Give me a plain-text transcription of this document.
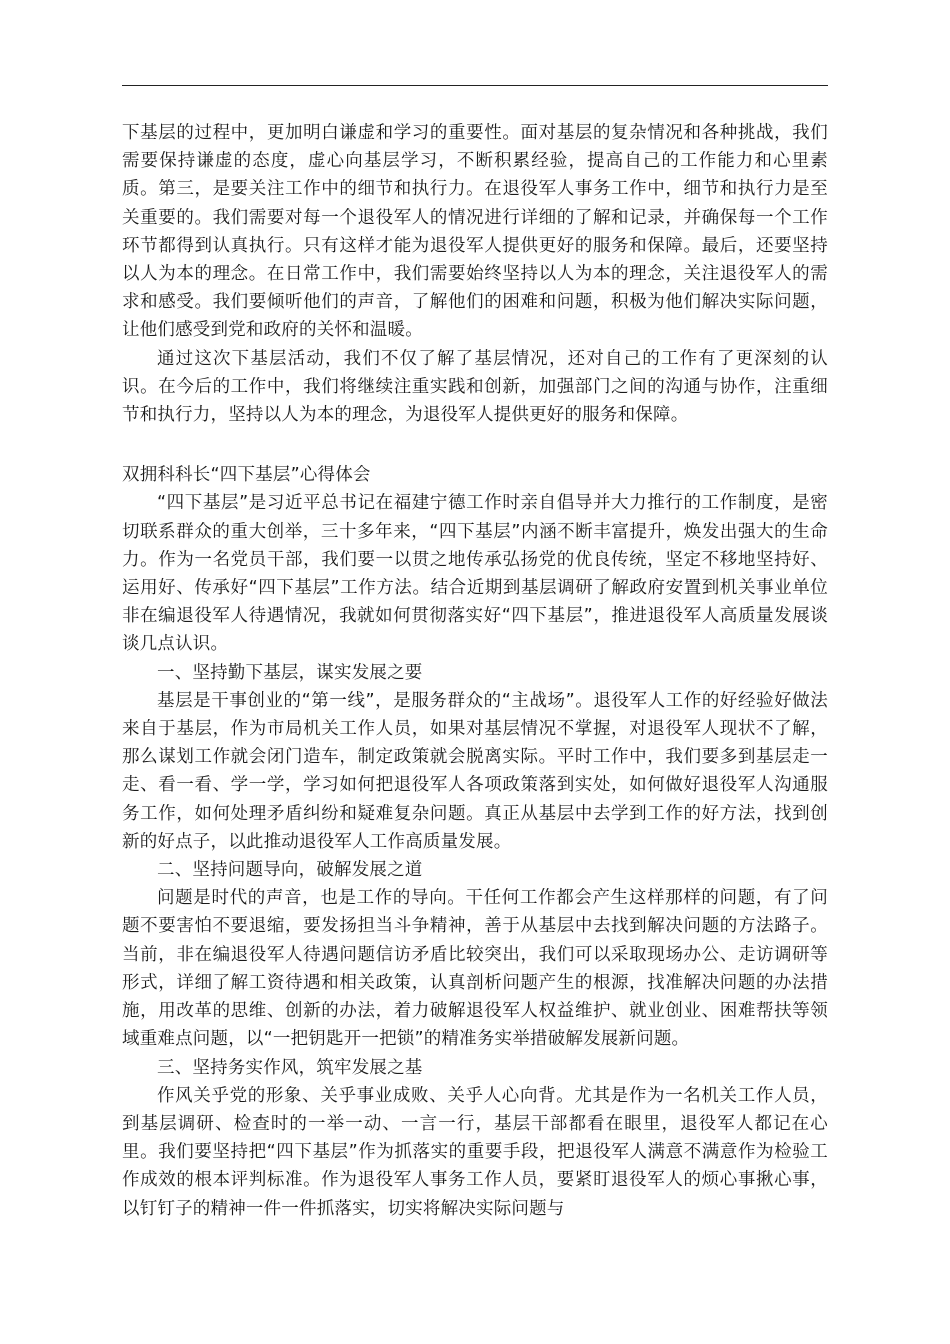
下基层的过程中，更加明白谦虚和学习的重要性。面对基层的复杂情况和各种挑战，我们需要保持谦虚的态度，虚心向基层学习，不断积累经验，提高自己的工作能力和心里素质。第三，是要关注工作中的细节和执行力。在退役军人事务工作中，细节和执行力是至关重要的。我们需要对每一个退役军人的情况进行详细的了解和记录，并确保每一个工作环节都得到认真执行。只有这样才能为退役军人提供更好的服务和保障。最后，还要坚持以人为本的理念。在日常工作中，我们需要始终坚持以人为本的理念，关注退役军人的需求和感受。我们要倾听他们的声音，了解他们的困难和问题，积极为他们解决实际问题，让他们感受到党和政府的关怀和温暖。

通过这次下基层活动，我们不仅了解了基层情况，还对自己的工作有了更深刻的认识。在今后的工作中，我们将继续注重实践和创新，加强部门之间的沟通与协作，注重细节和执行力，坚持以人为本的理念，为退役军人提供更好的服务和保障。

双拥科科长“四下基层”心得体会

“四下基层”是习近平总书记在福建宁德工作时亲自倡导并大力推行的工作制度，是密切联系群众的重大创举，三十多年来，“四下基层”内涵不断丰富提升，焕发出强大的生命力。作为一名党员干部，我们要一以贯之地传承弘扬党的优良传统，坚定不移地坚持好、运用好、传承好“四下基层”工作方法。结合近期到基层调研了解政府安置到机关事业单位非在编退役军人待遇情况，我就如何贯彻落实好“四下基层”，推进退役军人高质量发展谈谈几点认识。

一、坚持勤下基层，谋实发展之要

基层是干事创业的“第一线”，是服务群众的“主战场”。退役军人工作的好经验好做法来自于基层，作为市局机关工作人员，如果对基层情况不掌握，对退役军人现状不了解，那么谋划工作就会闭门造车，制定政策就会脱离实际。平时工作中，我们要多到基层走一走、看一看、学一学，学习如何把退役军人各项政策落到实处，如何做好退役军人沟通服务工作，如何处理矛盾纠纷和疑难复杂问题。真正从基层中去学到工作的好方法，找到创新的好点子，以此推动退役军人工作高质量发展。

二、坚持问题导向，破解发展之道

问题是时代的声音，也是工作的导向。干任何工作都会产生这样那样的问题，有了问题不要害怕不要退缩，要发扬担当斗争精神，善于从基层中去找到解决问题的方法路子。当前，非在编退役军人待遇问题信访矛盾比较突出，我们可以采取现场办公、走访调研等形式，详细了解工资待遇和相关政策，认真剖析问题产生的根源，找准解决问题的办法措施，用改革的思维、创新的办法，着力破解退役军人权益维护、就业创业、困难帮扶等领域重难点问题，以“一把钥匙开一把锁”的精准务实举措破解发展新问题。

三、坚持务实作风，筑牢发展之基

作风关乎党的形象、关乎事业成败、关乎人心向背。尤其是作为一名机关工作人员，到基层调研、检查时的一举一动、一言一行，基层干部都看在眼里，退役军人都记在心里。我们要坚持把“四下基层”作为抓落实的重要手段，把退役军人满意不满意作为检验工作成效的根本评判标准。作为退役军人事务工作人员，要紧盯退役军人的烦心事揪心事，以钉钉子的精神一件一件抓落实，切实将解决实际问题与
